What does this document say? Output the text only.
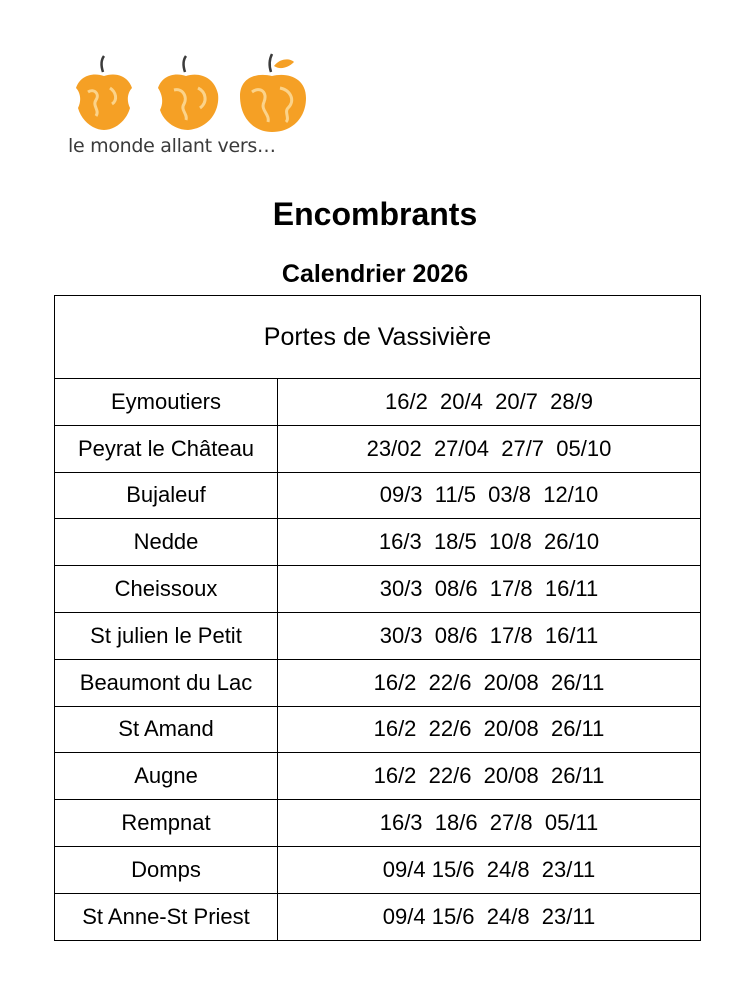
le monde allant vers…
Encombrants
Calendrier 2026
Portes de Vassivière	
Eymoutiers	16/2  20/4  20/7  28/9
Peyrat le Château	23/02  27/04  27/7  05/10
Bujaleuf	09/3  11/5  03/8  12/10
Nedde	16/3  18/5  10/8  26/10
Cheissoux	30/3  08/6  17/8  16/11
St julien le Petit	30/3  08/6  17/8  16/11
Beaumont du Lac	16/2  22/6  20/08  26/11
St Amand	16/2  22/6  20/08  26/11
Augne	16/2  22/6  20/08  26/11
Rempnat	16/3  18/6  27/8  05/11
Domps	09/4 15/6  24/8  23/11
St Anne-St Priest	09/4 15/6  24/8  23/11
